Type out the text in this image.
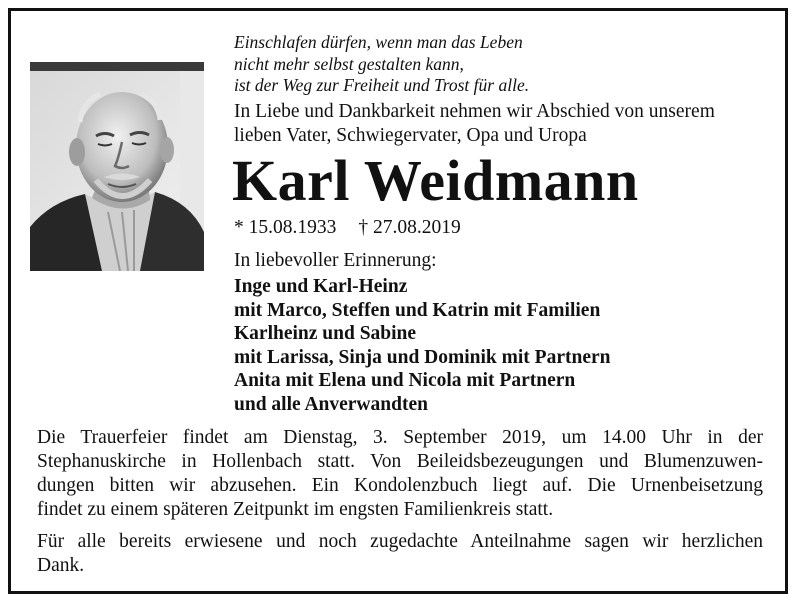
Einschlafen dürfen, wenn man das Leben
nicht mehr selbst gestalten kann,
ist der Weg zur Freiheit und Trost für alle.
In Liebe und Dankbarkeit nehmen wir Abschied von unserem
lieben Vater, Schwiegervater, Opa und Uropa
Karl Weidmann
* 15.08.1933 † 27.08.2019
In liebevoller Erinnerung:
Inge und Karl-Heinz
mit Marco, Steffen und Katrin mit Familien
Karlheinz und Sabine
mit Larissa, Sinja und Dominik mit Partnern
Anita mit Elena und Nicola mit Partnern
und alle Anverwandten
Die Trauerfeier findet am Dienstag, 3. September 2019, um 14.00 Uhr in der
Stephanuskirche in Hollenbach statt. Von Beileidsbezeugungen und Blumenzuwen-
dungen bitten wir abzusehen. Ein Kondolenzbuch liegt auf. Die Urnenbeisetzung
findet zu einem späteren Zeitpunkt im engsten Familienkreis statt.
Für alle bereits erwiesene und noch zugedachte Anteilnahme sagen wir herzlichen
Dank.
